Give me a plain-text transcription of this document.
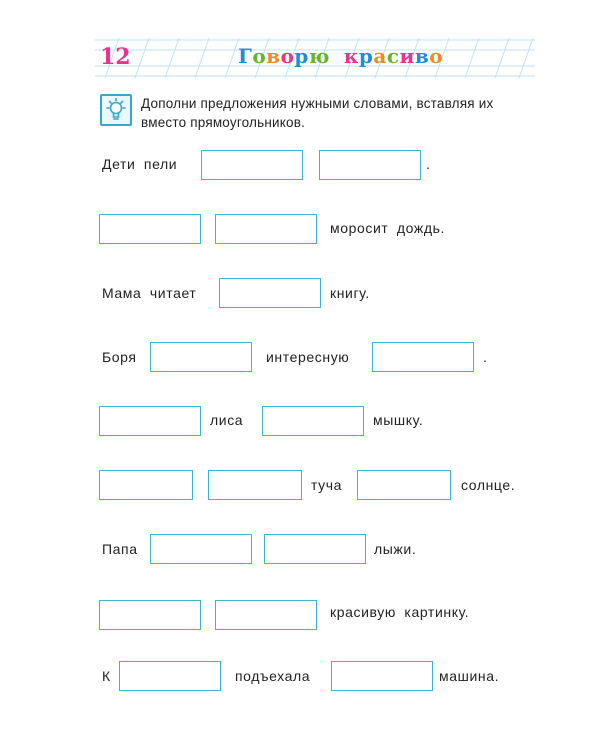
12	Говорю красиво
Дополни предложения нужными словами, вставляя их вместо прямоугольников.
Дети пели	.
моросит дождь.
Мама читает	книгу.
Боря	интересную	.
лиса	мышку.
туча	солнце.
Папа	лыжи.
красивую картинку.
К	подъехала	машина.
